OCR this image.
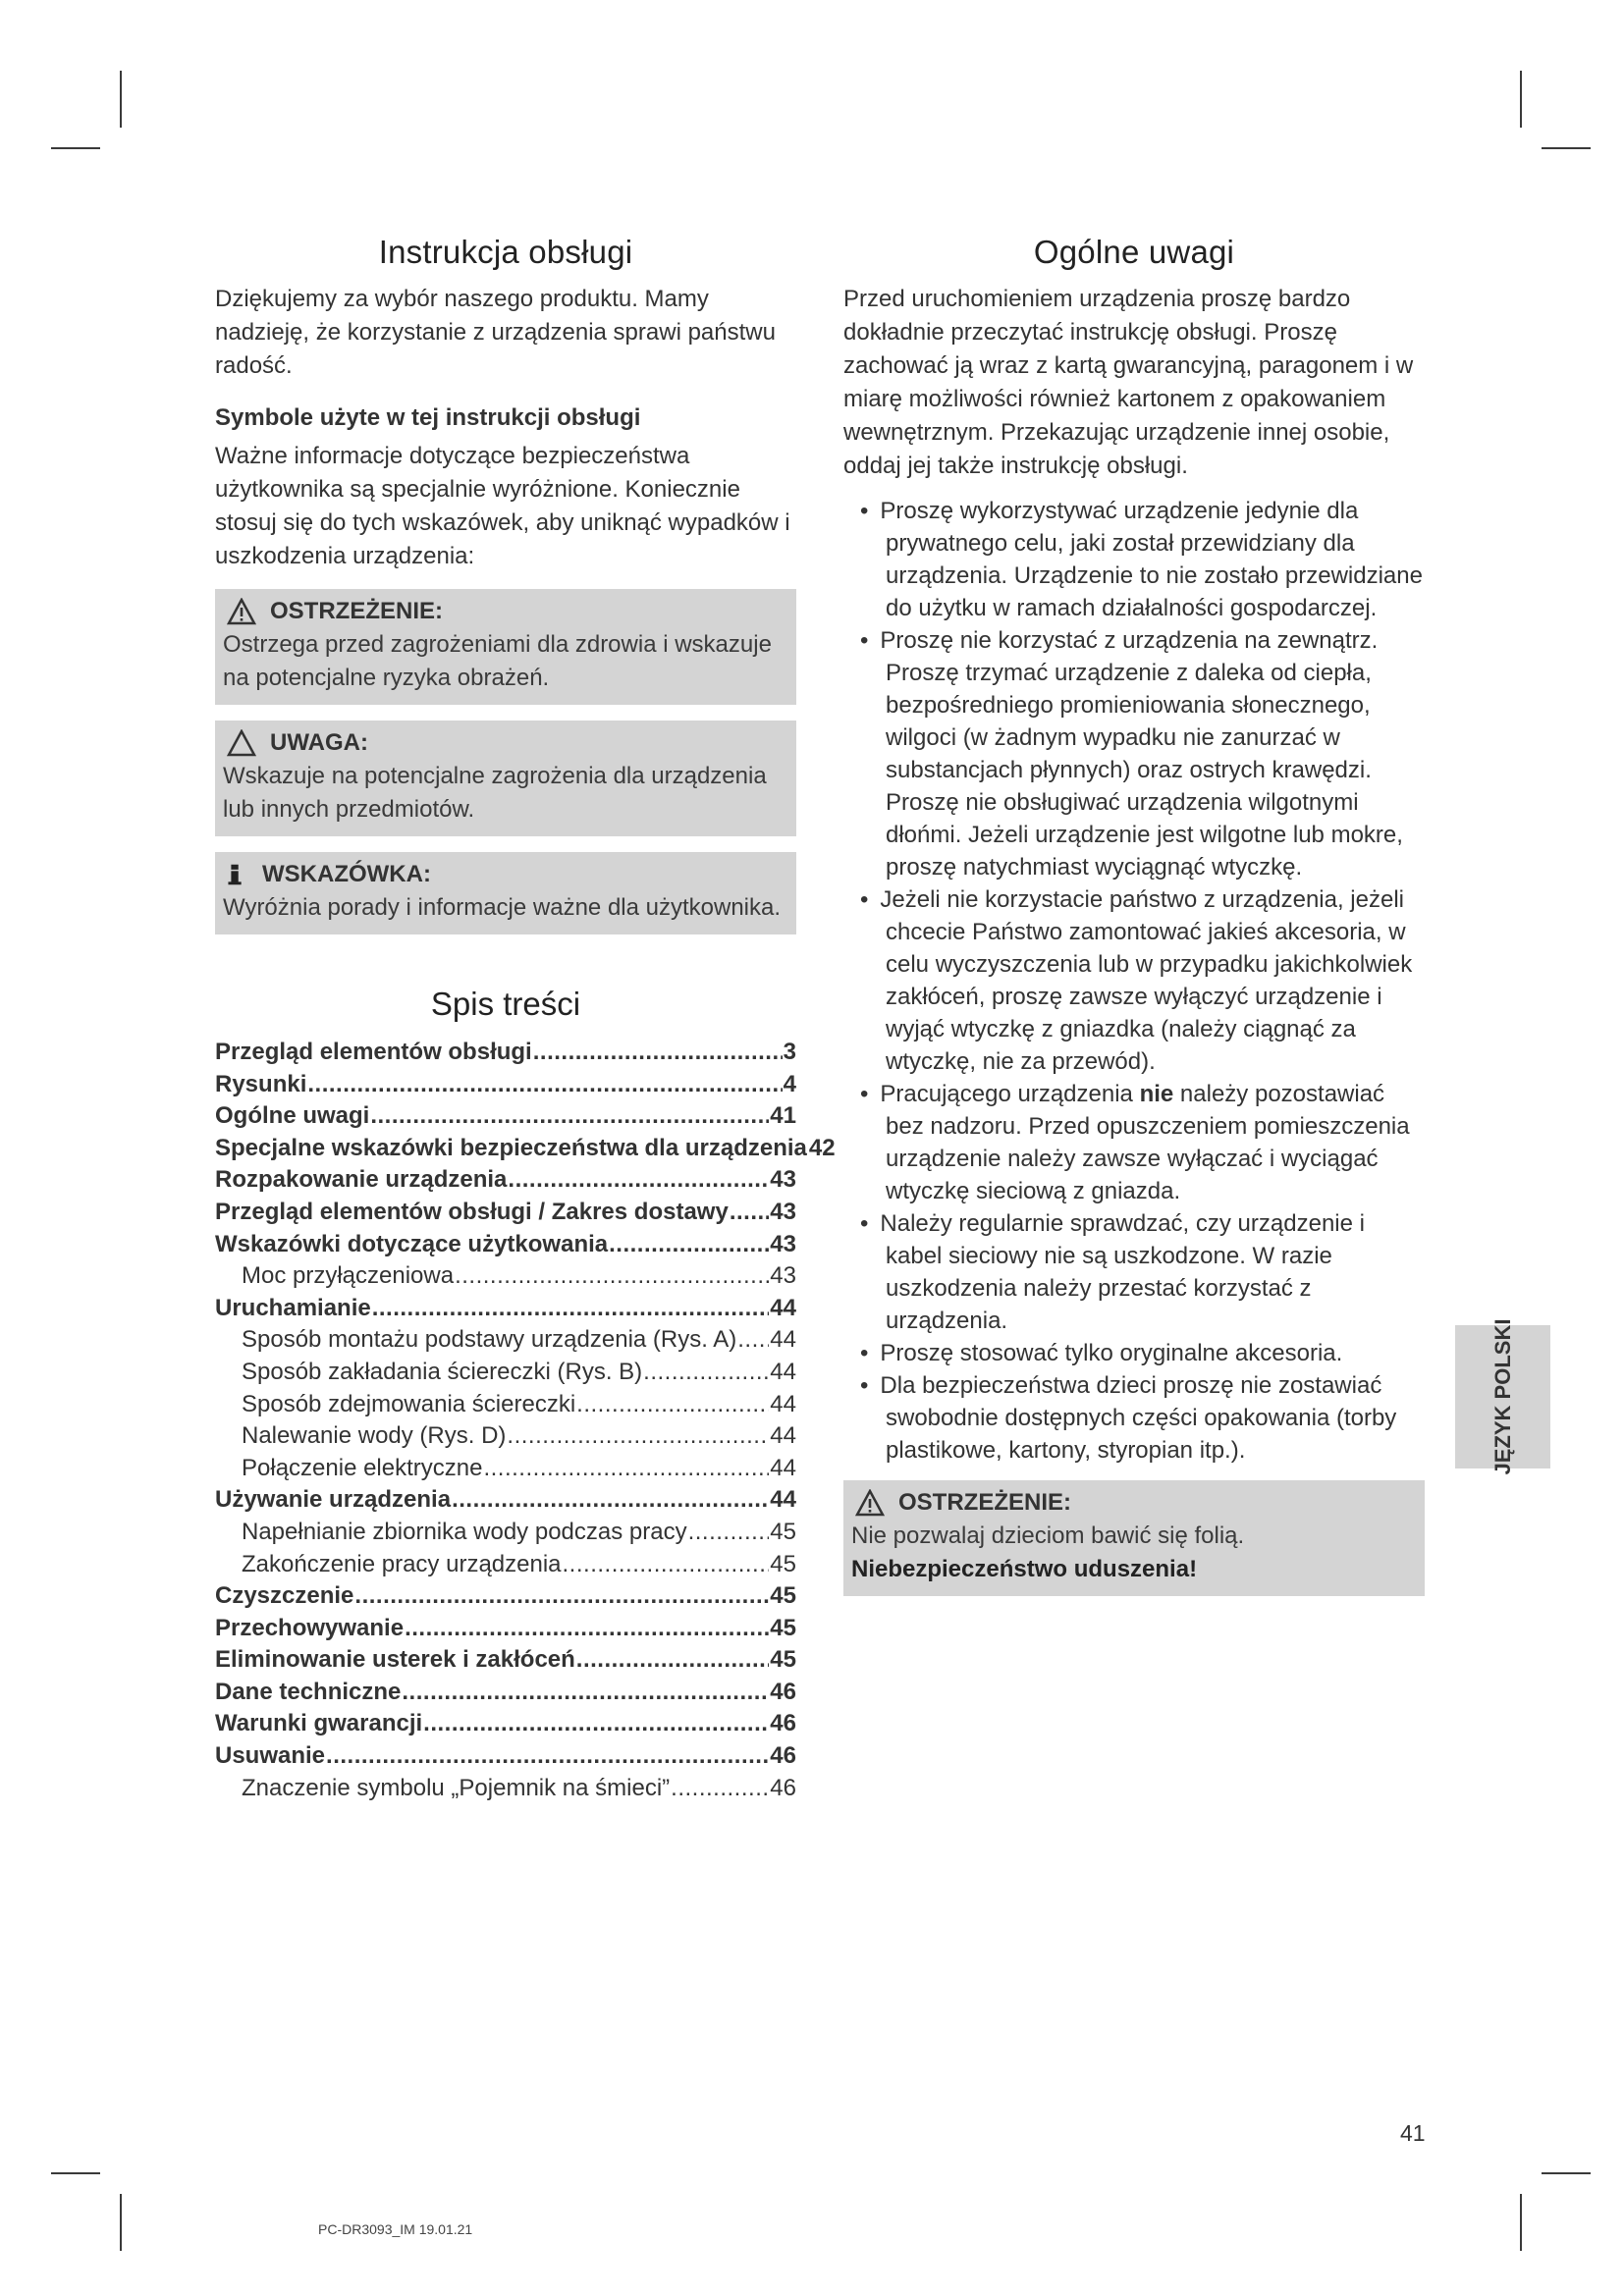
Instrukcja obsługi

Dziękujemy za wybór naszego produktu. Mamy nadzieję, że korzystanie z urządzenia sprawi państwu radość.

Symbole użyte w tej instrukcji obsługi

Ważne informacje dotyczące bezpieczeństwa użytkownika są specjalnie wyróżnione. Koniecznie stosuj się do tych wskazówek, aby uniknąć wypadków i uszkodzenia urządzenia:

OSTRZEŻENIE:
Ostrzega przed zagrożeniami dla zdrowia i wskazuje na potencjalne ryzyka obrażeń.
UWAGA:
Wskazuje na potencjalne zagrożenia dla urządzenia lub innych przedmiotów.
WSKAZÓWKA:
Wyróżnia porady i informacje ważne dla użytkownika.
Spis treści
Przegląd elementów obsługi .....	3
Rysunki .....	4
Ogólne uwagi .....	41
Specjalne wskazówki bezpieczeństwa dla urządzenia 42
Rozpakowanie urządzenia .....	43
Przegląd elementów obsługi / Zakres dostawy ..... 43
Wskazówki dotyczące użytkowania .....	43
Moc przyłączeniowa .....	43
Uruchamianie .....	44
Sposób montażu podstawy urządzenia (Rys. A) ..... 44
Sposób zakładania ściereczki (Rys. B) .....	44
Sposób zdejmowania ściereczki .....	44
Nalewanie wody (Rys. D) .....	44
Połączenie elektryczne .....	44
Używanie urządzenia .....	44
Napełnianie zbiornika wody podczas pracy .....	45
Zakończenie pracy urządzenia .....	45
Czyszczenie .....	45
Przechowywanie .....	45
Eliminowanie usterek i zakłóceń .....	45
Dane techniczne .....	46
Warunki gwarancji .....	46
Usuwanie .....	46
Znaczenie symbolu „Pojemnik na śmieci” .....	46
Ogólne uwagi

Przed uruchomieniem urządzenia proszę bardzo dokładnie przeczytać instrukcję obsługi. Proszę zachować ją wraz z kartą gwarancyjną, paragonem i w miarę możliwości również kartonem z opakowaniem wewnętrznym. Przekazując urządzenie innej osobie, oddaj jej także instrukcję obsługi.

• Proszę wykorzystywać urządzenie jedynie dla prywatnego celu, jaki został przewidziany dla urządzenia. Urządzenie to nie zostało przewidziane do użytku w ramach działalności gospodarczej.
• Proszę nie korzystać z urządzenia na zewnątrz. Proszę trzymać urządzenie z daleka od ciepła, bezpośredniego promieniowania słonecznego, wilgoci (w żadnym wypadku nie zanurzać w substancjach płynnych) oraz ostrych krawędzi. Proszę nie obsługiwać urządzenia wilgotnymi dłońmi. Jeżeli urządzenie jest wilgotne lub mokre, proszę natychmiast wyciągnąć wtyczkę.
• Jeżeli nie korzystacie państwo z urządzenia, jeżeli chcecie Państwo zamontować jakieś akcesoria, w celu wyczyszczenia lub w przypadku jakichkolwiek zakłóceń, proszę zawsze wyłączyć urządzenie i wyjąć wtyczkę z gniazdka (należy ciągnąć za wtyczkę, nie za przewód).
• Pracującego urządzenia nie należy pozostawiać bez nadzoru. Przed opuszczeniem pomieszczenia urządzenie należy zawsze wyłączać i wyciągać wtyczkę sieciową z gniazda.
• Należy regularnie sprawdzać, czy urządzenie i kabel sieciowy nie są uszkodzone. W razie uszkodzenia należy przestać korzystać z urządzenia.
• Proszę stosować tylko oryginalne akcesoria.
• Dla bezpieczeństwa dzieci proszę nie zostawiać swobodnie dostępnych części opakowania (torby plastikowe, kartony, styropian itp.).
OSTRZEŻENIE:
Nie pozwalaj dzieciom bawić się folią. Niebezpieczeństwo uduszenia!
JĘZYK POLSKI
41
PC-DR3093_IM 19.01.21
